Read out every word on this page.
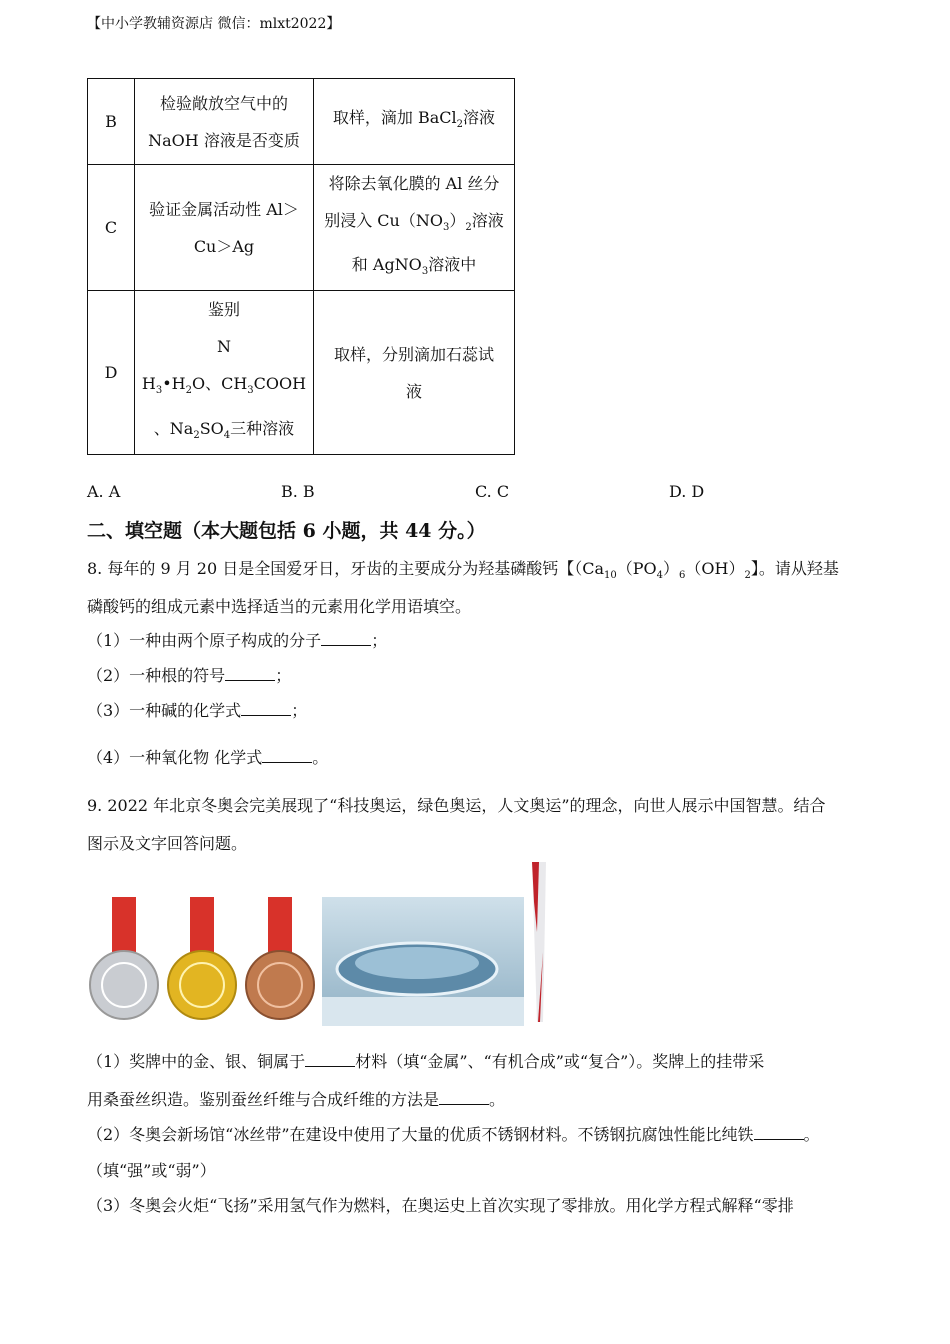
【中小学教辅资源店 微信：mlxt2022】
B	检验敞放空气中的
NaOH 溶液是否变质	取样，滴加 BaCl$_2$溶液
C	验证金属活动性 Al＞
Cu＞Ag	将除去氧化膜的 Al 丝分
别浸入 $Cu(NO_3)_2$溶液
和 AgNO$_3$溶液中
D	鉴别
N
$H_3•H_2O$、$CH_3COOH$
、$Na_2SO_4$三种溶液	取样，分别滴加石蕊试
液
A. A	B. B	C. C	D. D
二、填空题（本大题包括 6 小题，共 44 分。）
8. 每年的 9 月 20 日是全国爱牙日，牙齿的主要成分为羟基磷酸钙【（$Ca_{10}(PO_4)_6(OH)_2$】。请从羟基
磷酸钙的组成元素中选择适当的元素用化学用语填空。
（1）一种由两个原子构成的分子	；
（2）一种根的符号	；
（3）一种碱的化学式	；
（4）一种氧化物 化学式	。
9. 2022 年北京冬奥会完美展现了“科技奥运，绿色奥运，人文奥运”的理念，向世人展示中国智慧。结合
图示及文字回答问题。
（1）奖牌中的金、银、铜属于	材料（填“金属”、“有机合成”或“复合”）。奖牌上的挂带采
用桑蚕丝织造。鉴别蚕丝纤维与合成纤维的方法是	。
（2）冬奥会新场馆“冰丝带”在建设中使用了大量的优质不锈钢材料。不锈钢抗腐蚀性能比纯铁	。
（填“强”或“弱”）
（3）冬奥会火炬“飞扬”采用氢气作为燃料，在奥运史上首次实现了零排放。用化学方程式解释“零排
